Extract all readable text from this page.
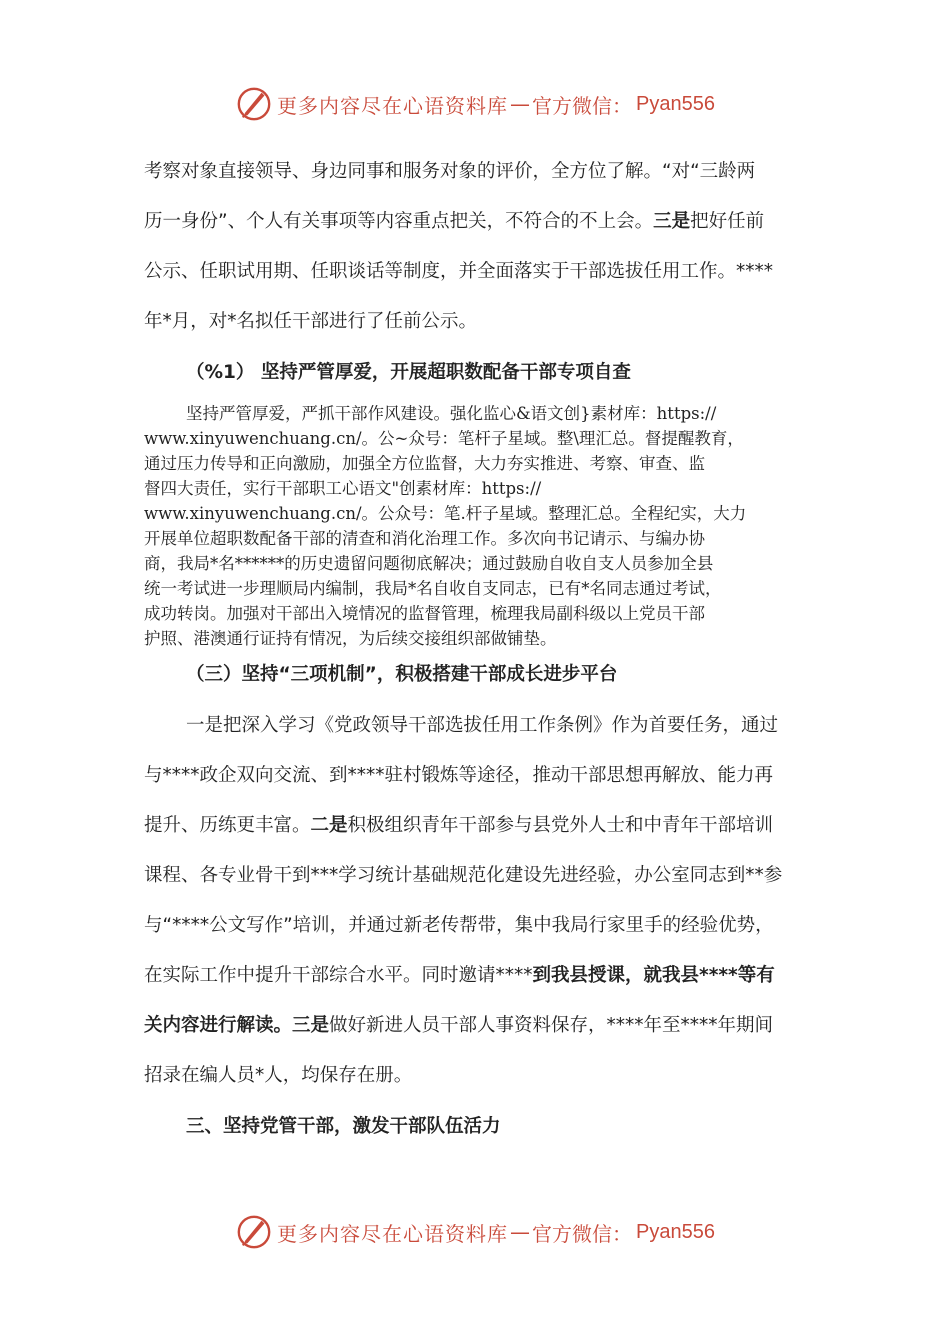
更多内容尽在心语资料库 — 官方微信： Pyan556
考察对象直接领导、身边同事和服务对象的评价，全方位了解。“对“三龄两
历一身份”、个人有关事项等内容重点把关，不符合的不上会。三是把好任前
公示、任职试用期、任职谈话等制度，并全面落实于干部选拔任用工作。****
年*月，对*名拟任干部进行了任前公示。
（%1） 坚持严管厚爱，开展超职数配备干部专项自查
坚持严管厚爱，严抓干部作风建设。强化监心&语文创}素材库：https://
www.xinyuwenchuang.cn/。公~众号：笔杆子星域。整\理汇总。督提醒教育，
通过压力传导和正向激励，加强全方位监督，大力夯实推进、考察、审查、监
督四大责任，实行干部职工心语文"创素材库：https://
www.xinyuwenchuang.cn/。公众号：笔.杆子星域。整理汇总。全程纪实，大力
开展单位超职数配备干部的清查和消化治理工作。多次向书记请示、与编办协
商，我局*名******的历史遗留问题彻底解决；通过鼓励自收自支人员参加全县
统一考试进一步理顺局内编制，我局*名自收自支同志，已有*名同志通过考试，
成功转岗。加强对干部出入境情况的监督管理，梳理我局副科级以上党员干部
护照、港澳通行证持有情况，为后续交接组织部做铺垫。
（三）坚持“三项机制”，积极搭建干部成长进步平台
一是把深入学习《党政领导干部选拔任用工作条例》作为首要任务，通过
与****政企双向交流、到****驻村锻炼等途径，推动干部思想再解放、能力再
提升、历练更丰富。二是积极组织青年干部参与县党外人士和中青年干部培训
课程、各专业骨干到***学习统计基础规范化建设先进经验，办公室同志到**参
与“****公文写作”培训，并通过新老传帮带，集中我局行家里手的经验优势，
在实际工作中提升干部综合水平。同时邀请****到我县授课，就我县****等有
关内容进行解读。三是做好新进人员干部人事资料保存，****年至****年期间
招录在编人员*人，均保存在册。
三、坚持党管干部，激发干部队伍活力
更多内容尽在心语资料库 — 官方微信： Pyan556
